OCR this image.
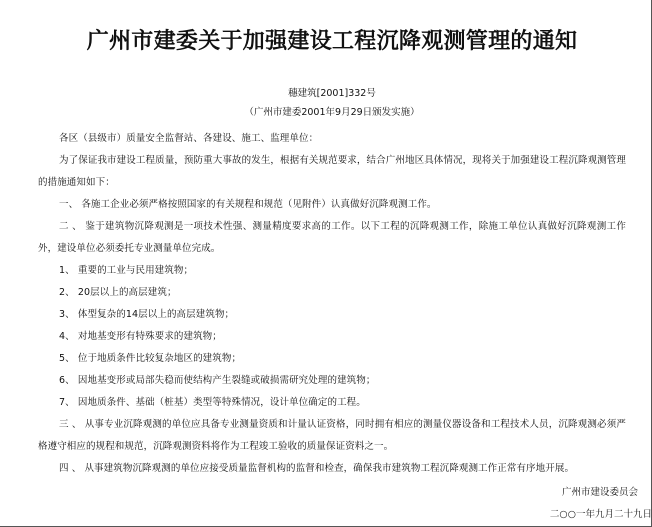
广州市建委关于加强建设工程沉降观测管理的通知
穗建筑[2001]332号
（广州市建委2001年9月29日颁发实施）
各区（县级市）质量安全监督站、各建设、施工、监理单位：
为了保证我市建设工程质量，预防重大事故的发生，根据有关规范要求，结合广州地区具体情况，现将关于加强建设工程沉降观测管理的措施通知如下：
一、 各施工企业必须严格按照国家的有关规程和规范（见附件）认真做好沉降观测工作。
二 、 鉴于建筑物沉降观测是一项技术性强、测量精度要求高的工作。以下工程的沉降观测工作，除施工单位认真做好沉降观测工作外，建设单位必须委托专业测量单位完成。
1、 重要的工业与民用建筑物；
2、 20层以上的高层建筑；
3、 体型复杂的14层以上的高层建筑物；
4、 对地基变形有特殊要求的建筑物；
5、 位于地质条件比较复杂地区的建筑物；
6、 因地基变形或局部失稳而使结构产生裂缝或破损需研究处理的建筑物；
7、 因地质条件、基础（桩基）类型等特殊情况，设计单位确定的工程。
三 、 从事专业沉降观测的单位应具备专业测量资质和计量认证资格，同时拥有相应的测量仪器设备和工程技术人员，沉降观测必须严格遵守相应的规程和规范，沉降观测资料将作为工程竣工验收的质量保证资料之一。
四 、 从事建筑物沉降观测的单位应接受质量监督机构的监督和检查，确保我市建筑物工程沉降观测工作正常有序地开展。
广州市建设委员会
二○○一年九月二十九日
